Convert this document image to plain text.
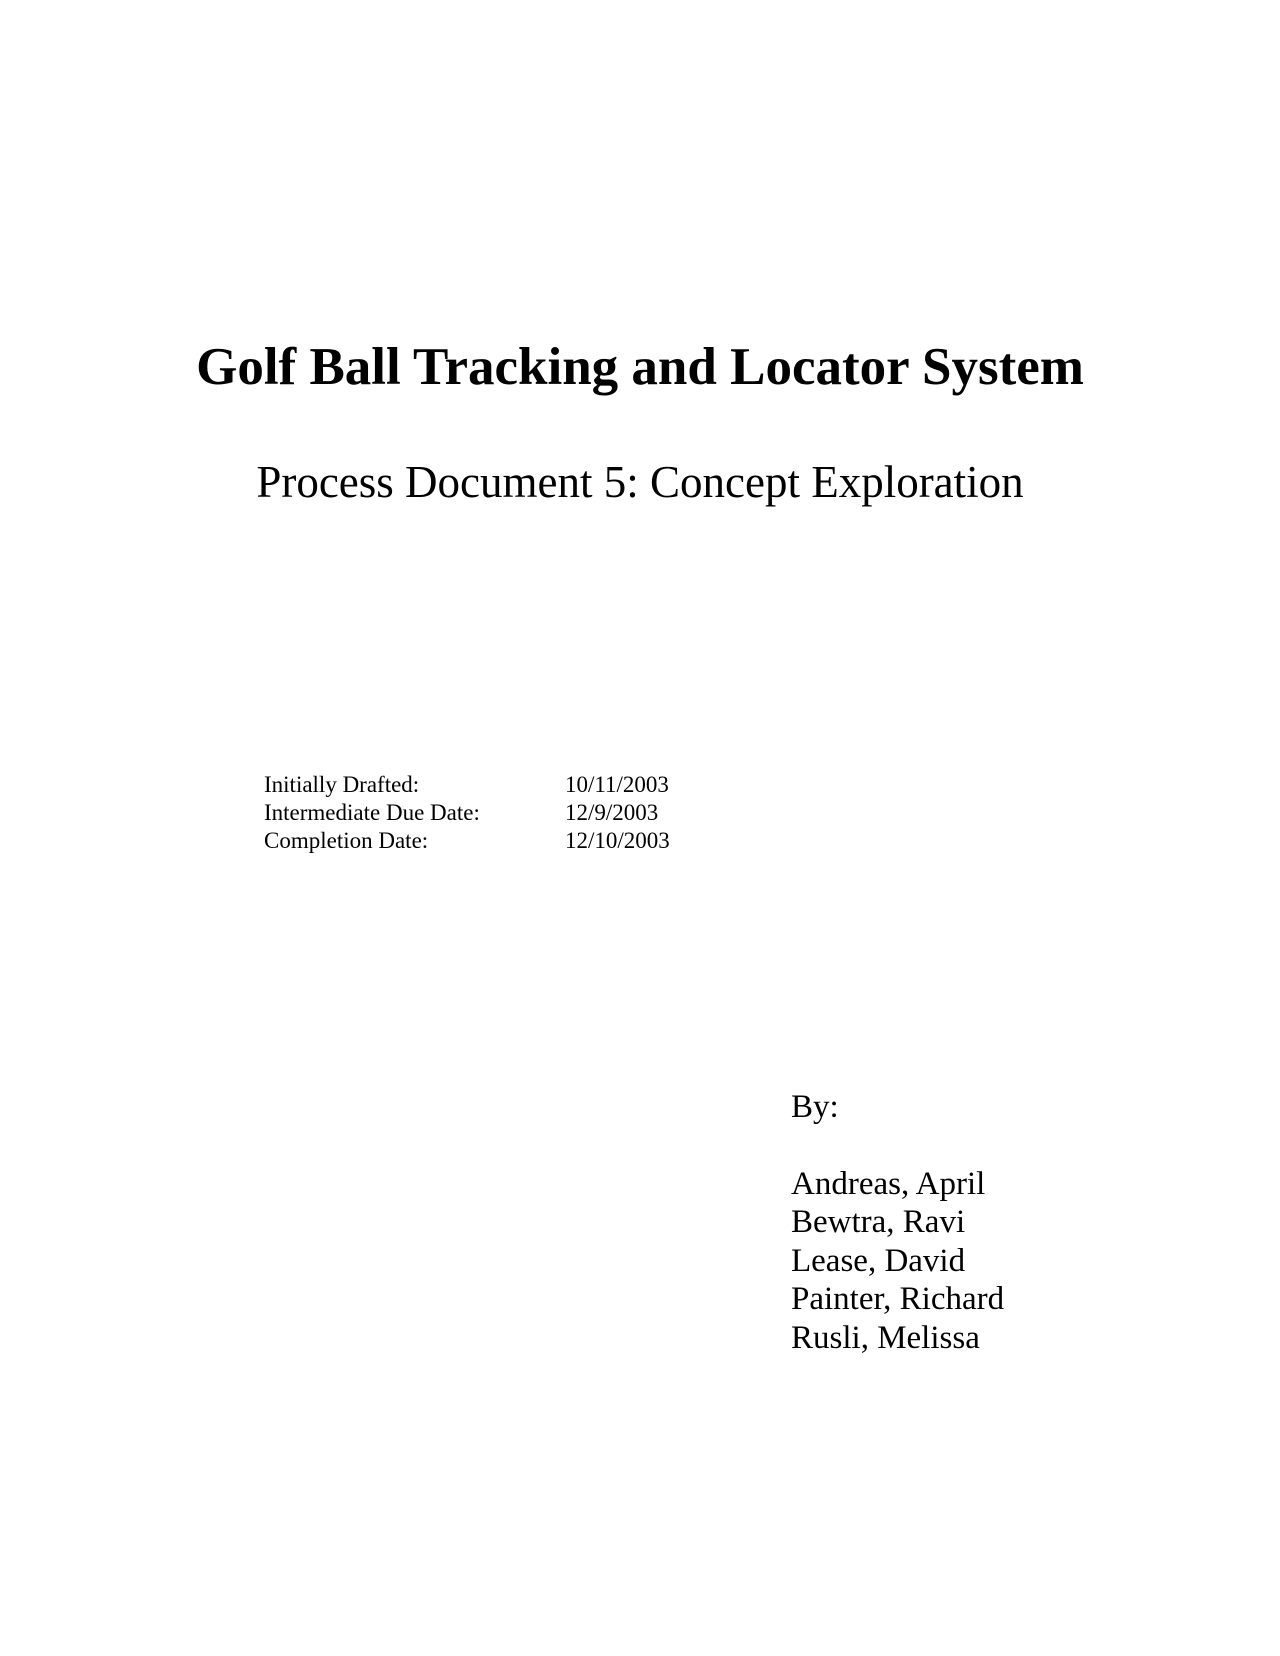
Golf Ball Tracking and Locator System
Process Document 5: Concept Exploration
Initially Drafted:	10/11/2003
Intermediate Due Date:	12/9/2003
Completion Date:	12/10/2003
By:
Andreas, April
Bewtra, Ravi
Lease, David
Painter, Richard
Rusli, Melissa
